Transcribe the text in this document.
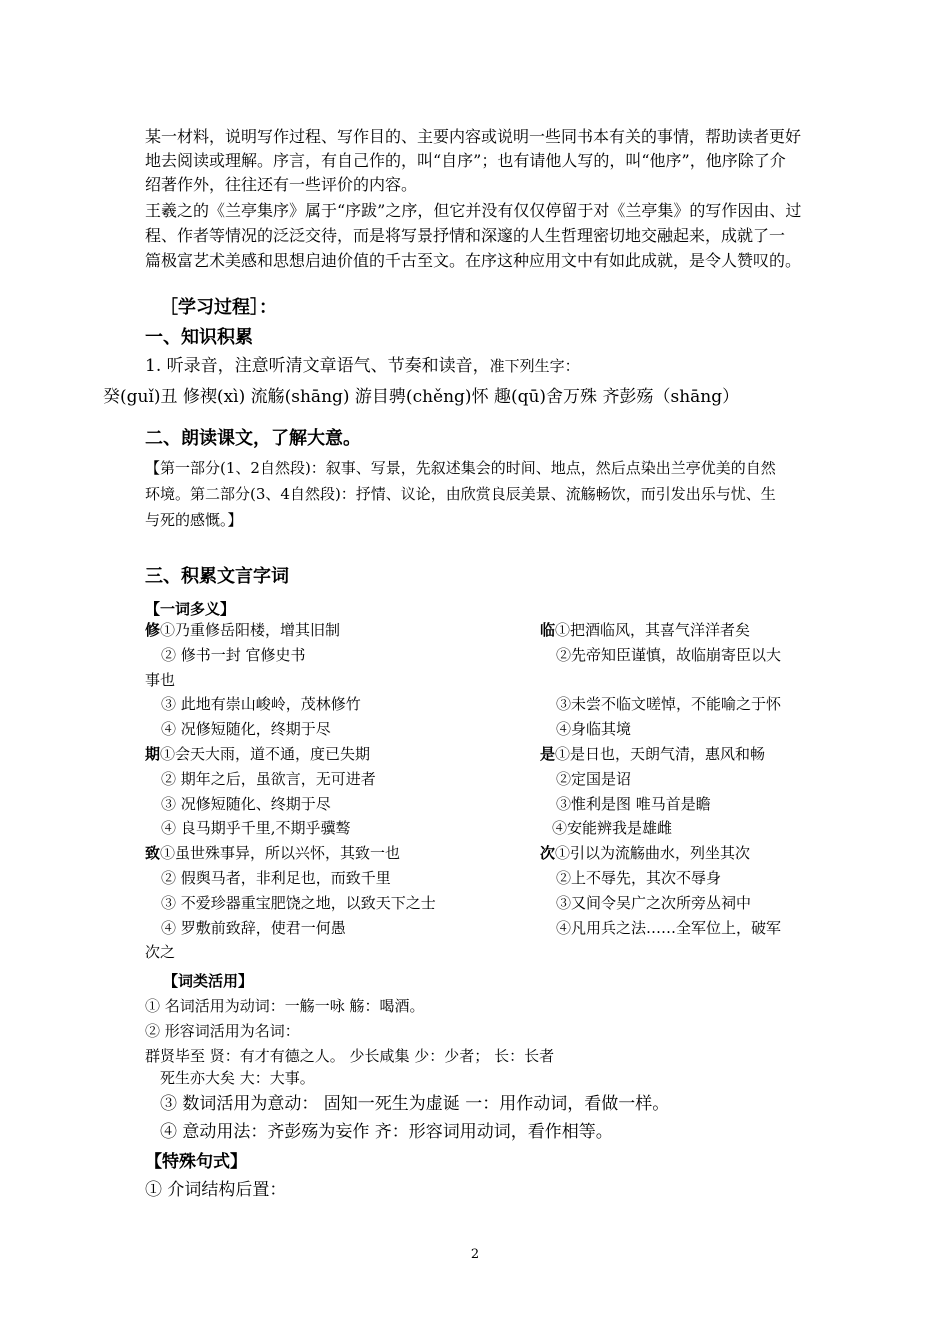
某一材料，说明写作过程、写作目的、主要内容或说明一些同书本有关的事情，帮助读者更好
地去阅读或理解。序言，有自己作的，叫“自序”；也有请他人写的，叫“他序”，他序除了介
绍著作外，往往还有一些评价的内容。
王羲之的《兰亭集序》属于“序跋”之序，但它并没有仅仅停留于对《兰亭集》的写作因由、过
程、作者等情况的泛泛交待，而是将写景抒情和深邃的人生哲理密切地交融起来，成就了一
篇极富艺术美感和思想启迪价值的千古至文。在序这种应用文中有如此成就，是令人赞叹的。
［学习过程］：
一、知识积累
1. 听录音，注意听清文章语气、节奏和读音，准下列生字：
癸(guǐ)丑 修禊(xì) 流觞(shāng) 游目骋(chěng)怀 趣(qū)舍万殊 齐彭殇（shāng）
二、朗读课文，了解大意。
【第一部分(1、2自然段)：叙事、写景，先叙述集会的时间、地点，然后点染出兰亭优美的自然
环境。第二部分(3、4自然段)：抒情、议论，由欣赏良辰美景、流觞畅饮，而引发出乐与忧、生
与死的感慨。】
三、积累文言字词
【一词多义】
修①乃重修岳阳楼，增其旧制
② 修书一封 官修史书
事也
③ 此地有崇山峻岭，茂林修竹
④ 况修短随化，终期于尽
期①会天大雨，道不通，度已失期
② 期年之后，虽欲言，无可进者
③ 况修短随化、终期于尽
④ 良马期乎千里,不期乎骥骜
致①虽世殊事异，所以兴怀，其致一也
② 假舆马者，非利足也，而致千里
③ 不爱珍器重宝肥饶之地，以致天下之士
④ 罗敷前致辞，使君一何愚
次之
临①把酒临风，其喜气洋洋者矣
②先帝知臣谨慎，故临崩寄臣以大
③未尝不临文嗟悼，不能喻之于怀
④身临其境
是①是日也，天朗气清，惠风和畅
②定国是诏
③惟利是图 唯马首是瞻
④安能辨我是雄雌
次①引以为流觞曲水，列坐其次
②上不辱先，其次不辱身
③又间令吴广之次所旁丛祠中
④凡用兵之法……全军位上，破军
【词类活用】
① 名词活用为动词：一觞一咏 觞：喝酒。
② 形容词活用为名词：
群贤毕至 贤：有才有德之人。 少长咸集 少：少者； 长：长者
死生亦大矣 大：大事。
③ 数词活用为意动： 固知一死生为虚诞 一：用作动词，看做一样。
④ 意动用法：齐彭殇为妄作 齐：形容词用动词，看作相等。
【特殊句式】
① 介词结构后置：
2
